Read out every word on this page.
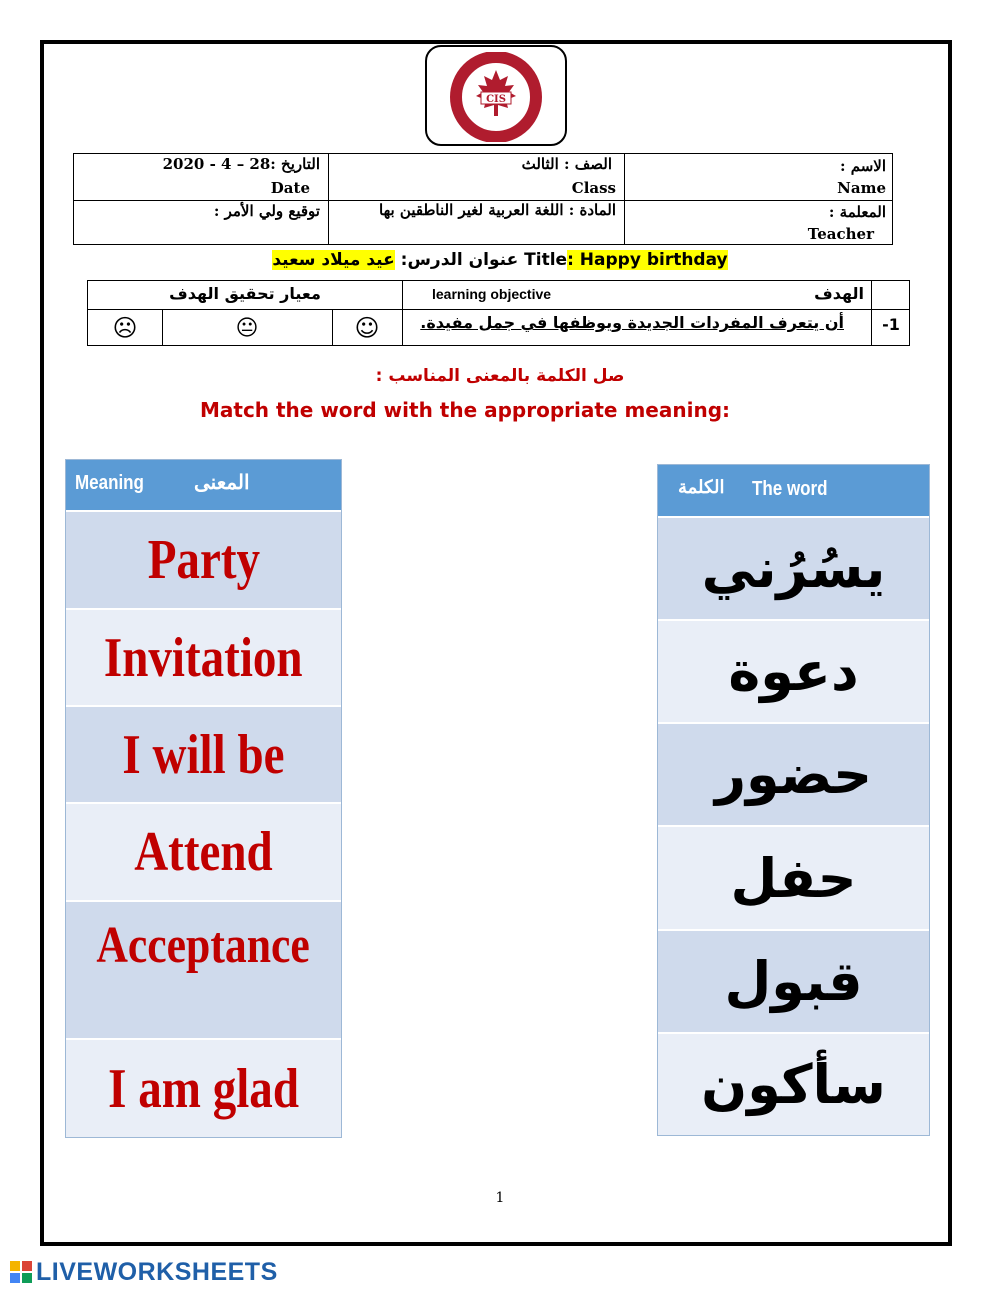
CIS
الاسم :
Name
الصف : الثالث
Class
التاريخ :28 – 4 - 2020
Date
المعلمة :
Teacher
المادة : اللغة العربية لغير الناطقين بها
توقيع ولي الأمر :
عيد ميلاد سعيد عنوان الدرس: Title: Happy birthday
الهدف
learning objective
معيار تحقيق الهدف
-1
أن يتعرف المفردات الجديدة ويوظفها في جمل مفيدة.
☺
😐
☹
صل الكلمة بالمعنى المناسب :
Match the word with the appropriate meaning:
Meaning	المعنى
Party
Invitation
I will be
Attend
Acceptance
I am glad
الكلمة The word
يسُرُني
دعوة
حضور
حفل
قبول
سأكون
1
LIVEWORKSHEETS
